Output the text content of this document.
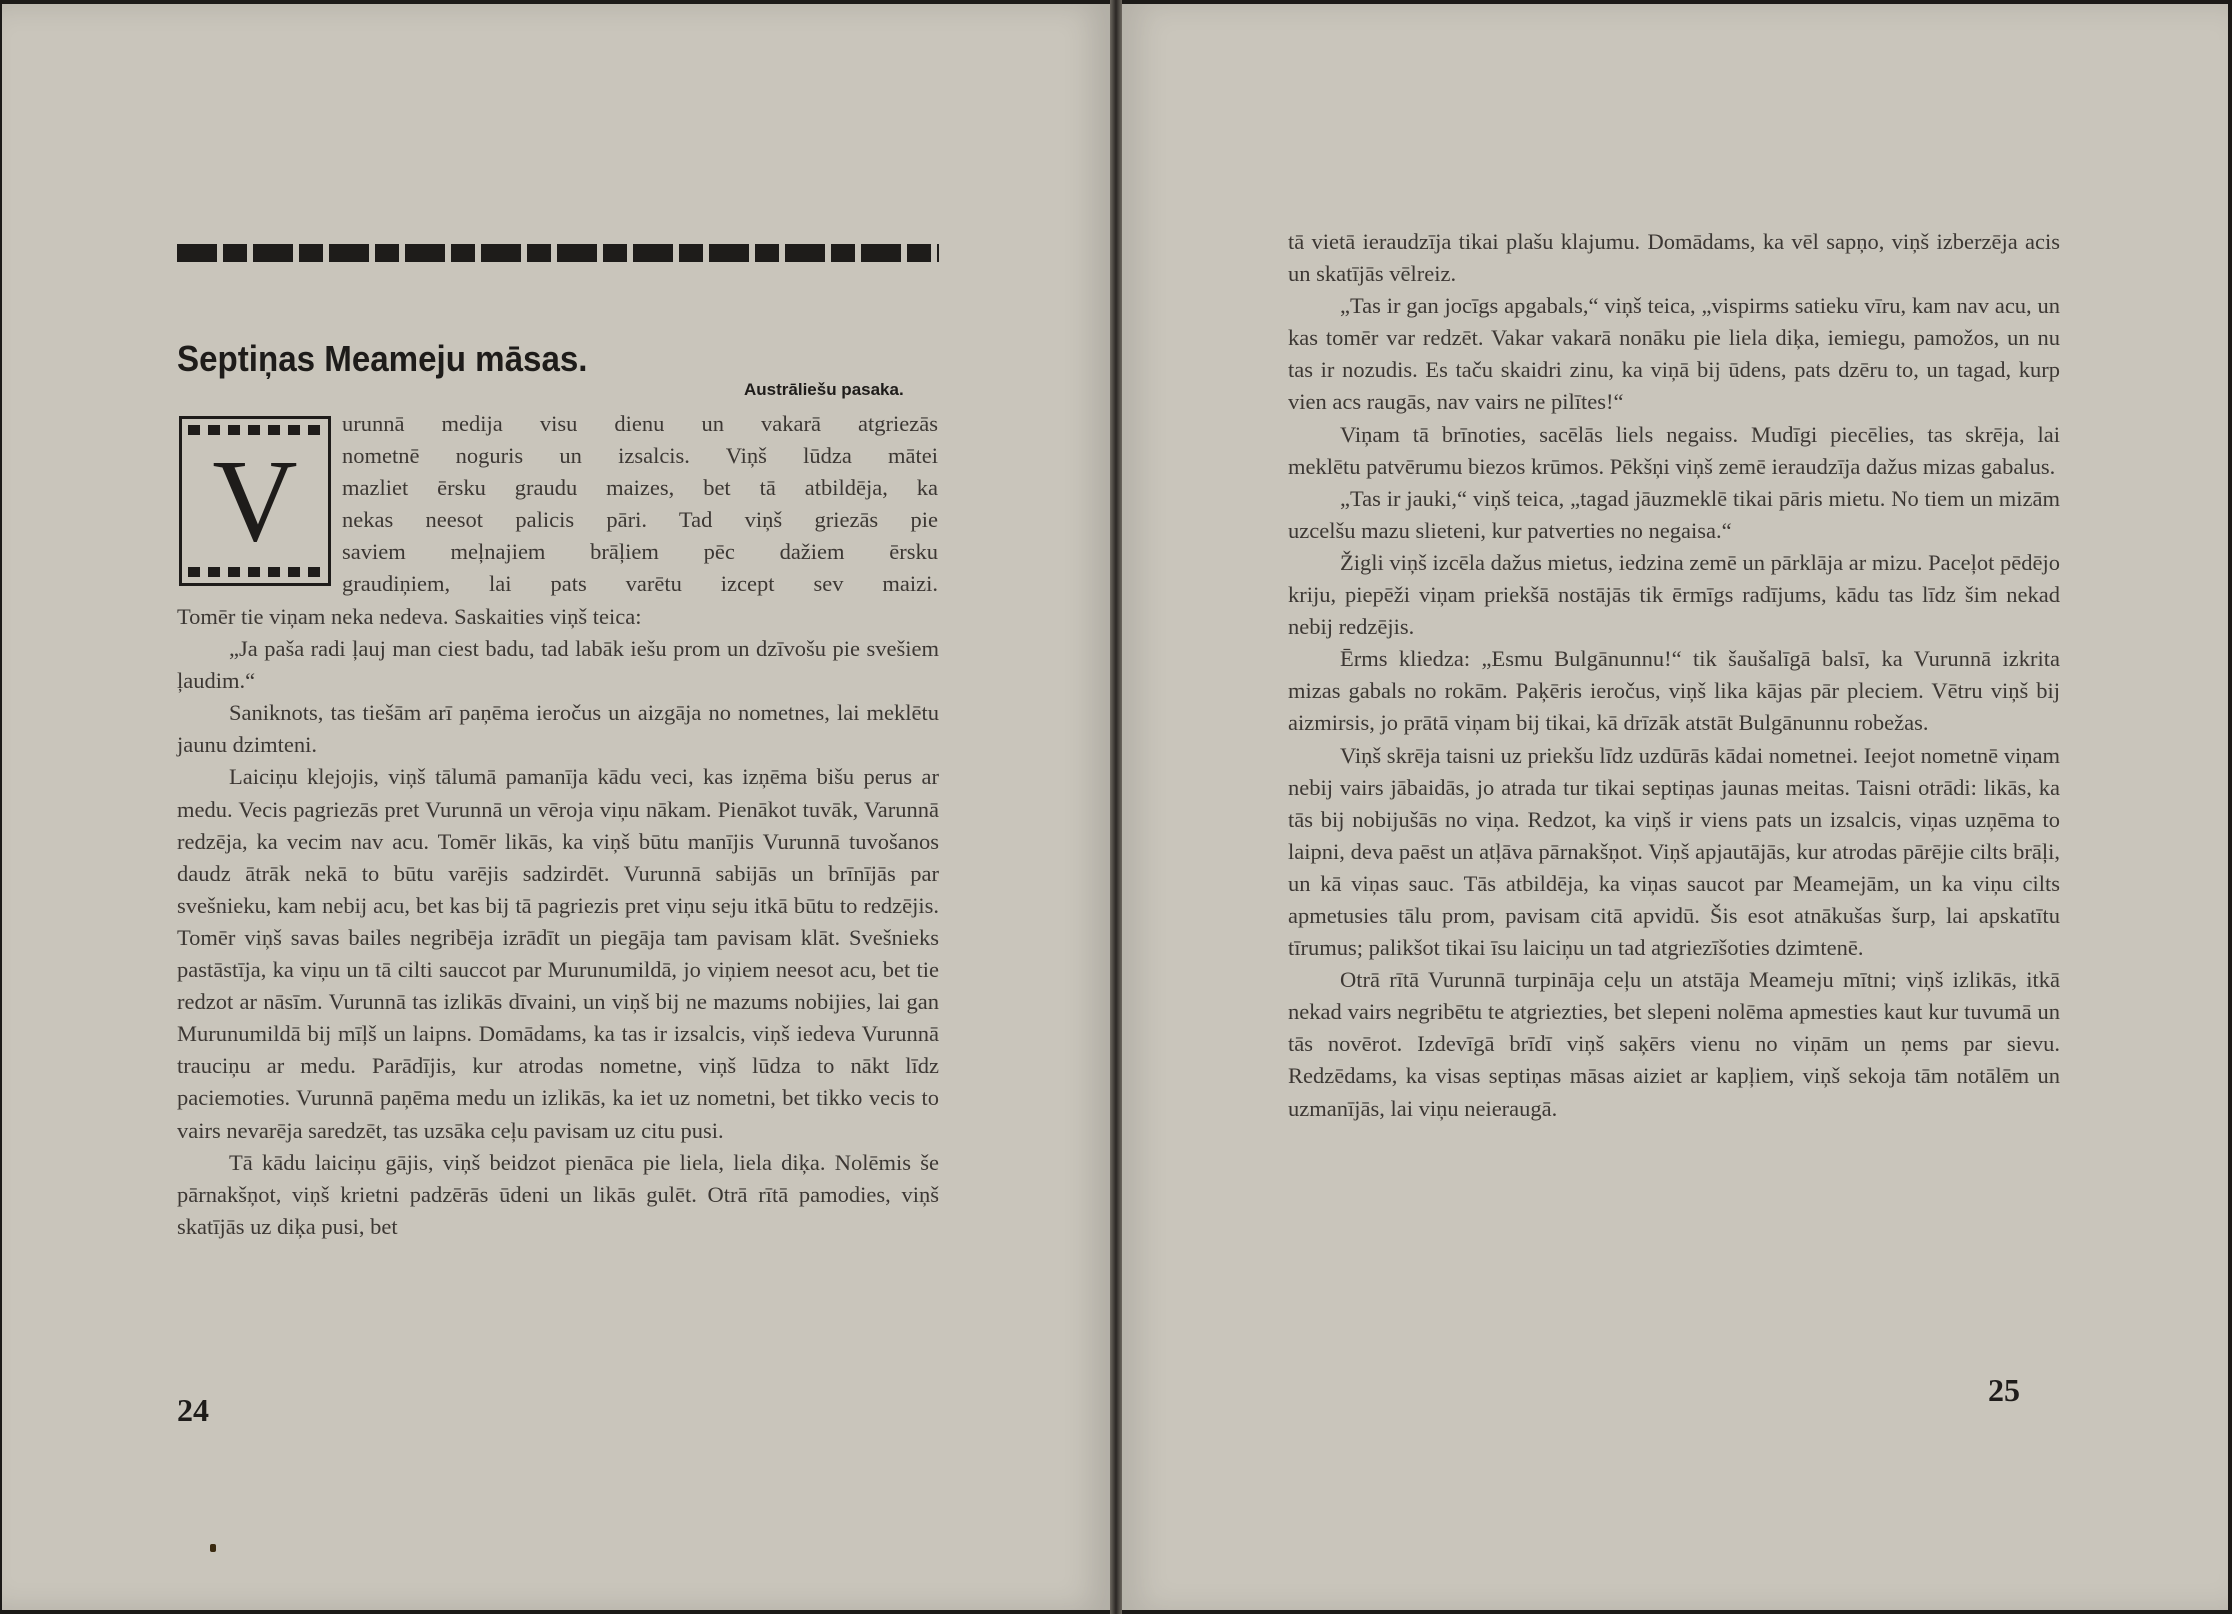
Septiņas Meameju māsas.
Austrāliešu pasaka.
V
urunnā medija visu dienu un vakarā atgriezās
nometnē noguris un izsalcis. Viņš lūdza mātei
mazliet ērsku graudu maizes, bet tā atbildēja, ka
nekas neesot palicis pāri. Tad viņš griezās pie
saviem meļnajiem brāļiem pēc dažiem ērsku
graudiņiem, lai pats varētu izcept sev maizi.

Tomēr tie viņam neka nedeva. Saskaities viņš teica:

„Ja paša radi ļauj man ciest badu, tad labāk iešu prom un dzīvošu pie svešiem ļaudim.“

Saniknots, tas tiešām arī paņēma ieročus un aizgāja no nometnes, lai meklētu jaunu dzimteni.

Laiciņu klejojis, viņš tālumā pamanīja kādu veci, kas izņēma bišu perus ar medu. Vecis pagriezās pret Vurunnā un vēroja viņu nākam. Pienākot tuvāk, Varunnā redzēja, ka vecim nav acu. Tomēr likās, ka viņš būtu manījis Vurunnā tuvošanos daudz ātrāk nekā to būtu varējis sadzirdēt. Vurunnā sabijās un brīnījās par svešnieku, kam nebij acu, bet kas bij tā pagriezis pret viņu seju itkā būtu to redzējis. Tomēr viņš savas bailes negribēja izrādīt un piegāja tam pavisam klāt. Svešnieks pastāstīja, ka viņu un tā cilti sauccot par Murunumildā, jo viņiem neesot acu, bet tie redzot ar nāsīm. Vurunnā tas izlikās dīvaini, un viņš bij ne mazums nobijies, lai gan Murunumildā bij mīļš un laipns. Domādams, ka tas ir izsalcis, viņš iedeva Vurunnā trauciņu ar medu. Parādījis, kur atrodas nometne, viņš lūdza to nākt līdz paciemoties. Vurunnā paņēma medu un izlikās, ka iet uz nometni, bet tikko vecis to vairs nevarēja saredzēt, tas uzsāka ceļu pavisam uz citu pusi.

Tā kādu laiciņu gājis, viņš beidzot pienāca pie liela, liela diķa. Nolēmis še pārnakšņot, viņš krietni padzērās ūdeni un likās gulēt. Otrā rītā pamodies, viņš skatījās uz diķa pusi, bet

24

tā vietā ieraudzīja tikai plašu klajumu. Domādams, ka vēl sapņo, viņš izberzēja acis un skatījās vēlreiz.

„Tas ir gan jocīgs apgabals,“ viņš teica, „vispirms satieku vīru, kam nav acu, un kas tomēr var redzēt. Vakar vakarā nonāku pie liela diķa, iemiegu, pamožos, un nu tas ir nozudis. Es taču skaidri zinu, ka viņā bij ūdens, pats dzēru to, un tagad, kurp vien acs raugās, nav vairs ne pilītes!“

Viņam tā brīnoties, sacēlās liels negaiss. Mudīgi piecēlies, tas skrēja, lai meklētu patvērumu biezos krūmos. Pēkšņi viņš zemē ieraudzīja dažus mizas gabalus.

„Tas ir jauki,“ viņš teica, „tagad jāuzmeklē tikai pāris mietu. No tiem un mizām uzcelšu mazu slieteni, kur patverties no negaisa.“

Žigli viņš izcēla dažus mietus, iedzina zemē un pārklāja ar mizu. Paceļot pēdējo kriju, piepēži viņam priekšā nostājās tik ērmīgs radījums, kādu tas līdz šim nekad nebij redzējis.

Ērms kliedza: „Esmu Bulgānunnu!“ tik šaušalīgā balsī, ka Vurunnā izkrita mizas gabals no rokām. Paķēris ieročus, viņš lika kājas pār pleciem. Vētru viņš bij aizmirsis, jo prātā viņam bij tikai, kā drīzāk atstāt Bulgānunnu robežas.

Viņš skrēja taisni uz priekšu līdz uzdūrās kādai nometnei. Ieejot nometnē viņam nebij vairs jābaidās, jo atrada tur tikai septiņas jaunas meitas. Taisni otrādi: likās, ka tās bij nobijušās no viņa. Redzot, ka viņš ir viens pats un izsalcis, viņas uzņēma to laipni, deva paēst un atļāva pārnakšņot. Viņš apjautājās, kur atrodas pārējie cilts brāļi, un kā viņas sauc. Tās atbildēja, ka viņas saucot par Meamejām, un ka viņu cilts apmetusies tālu prom, pavisam citā apvidū. Šis esot atnākušas šurp, lai apskatītu tīrumus; palikšot tikai īsu laiciņu un tad atgriezīšoties dzimtenē.

Otrā rītā Vurunnā turpināja ceļu un atstāja Meameju mītni; viņš izlikās, itkā nekad vairs negribētu te atgriezties, bet slepeni nolēma apmesties kaut kur tuvumā un tās novērot. Izdevīgā brīdī viņš saķērs vienu no viņām un ņems par sievu. Redzēdams, ka visas septiņas māsas aiziet ar kapļiem, viņš sekoja tām notālēm un uzmanījās, lai viņu neieraugā.

25
